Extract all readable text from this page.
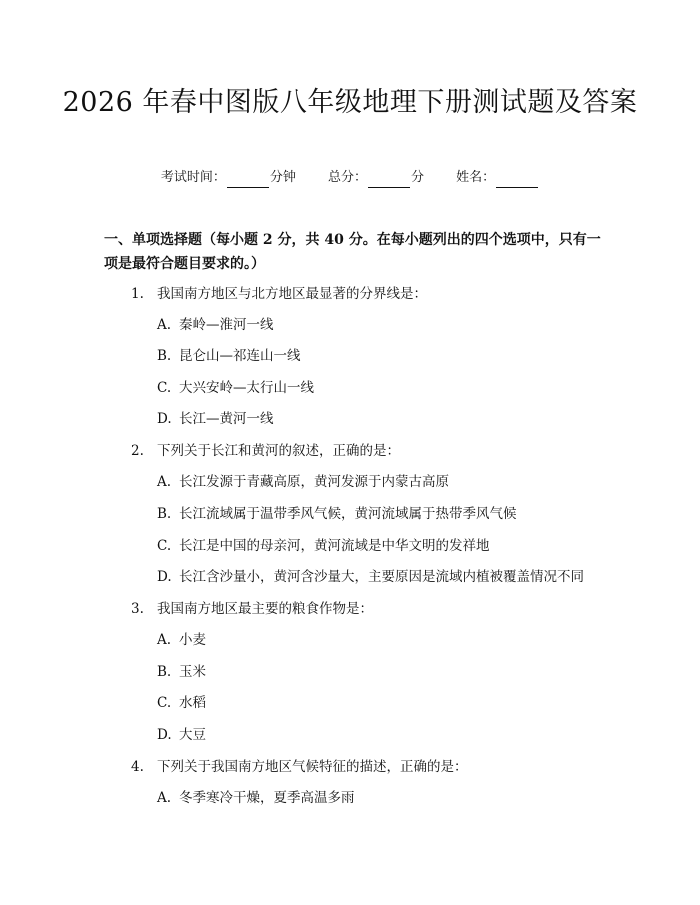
2026 年春中图版八年级地理下册测试题及答案
考试时间：	分钟 总分：	分 姓名：
一、单项选择题（每小题 2 分，共 40 分。在每小题列出的四个选项中，只有一项是最符合题目要求的。）
1. 我国南方地区与北方地区最显著的分界线是：
A. 秦岭—淮河一线
B. 昆仑山—祁连山一线
C. 大兴安岭—太行山一线
D. 长江—黄河一线
2. 下列关于长江和黄河的叙述，正确的是：
A. 长江发源于青藏高原，黄河发源于内蒙古高原
B. 长江流域属于温带季风气候，黄河流域属于热带季风气候
C. 长江是中国的母亲河，黄河流域是中华文明的发祥地
D. 长江含沙量小，黄河含沙量大，主要原因是流域内植被覆盖情况不同
3. 我国南方地区最主要的粮食作物是：
A. 小麦
B. 玉米
C. 水稻
D. 大豆
4. 下列关于我国南方地区气候特征的描述，正确的是：
A. 冬季寒冷干燥，夏季高温多雨
